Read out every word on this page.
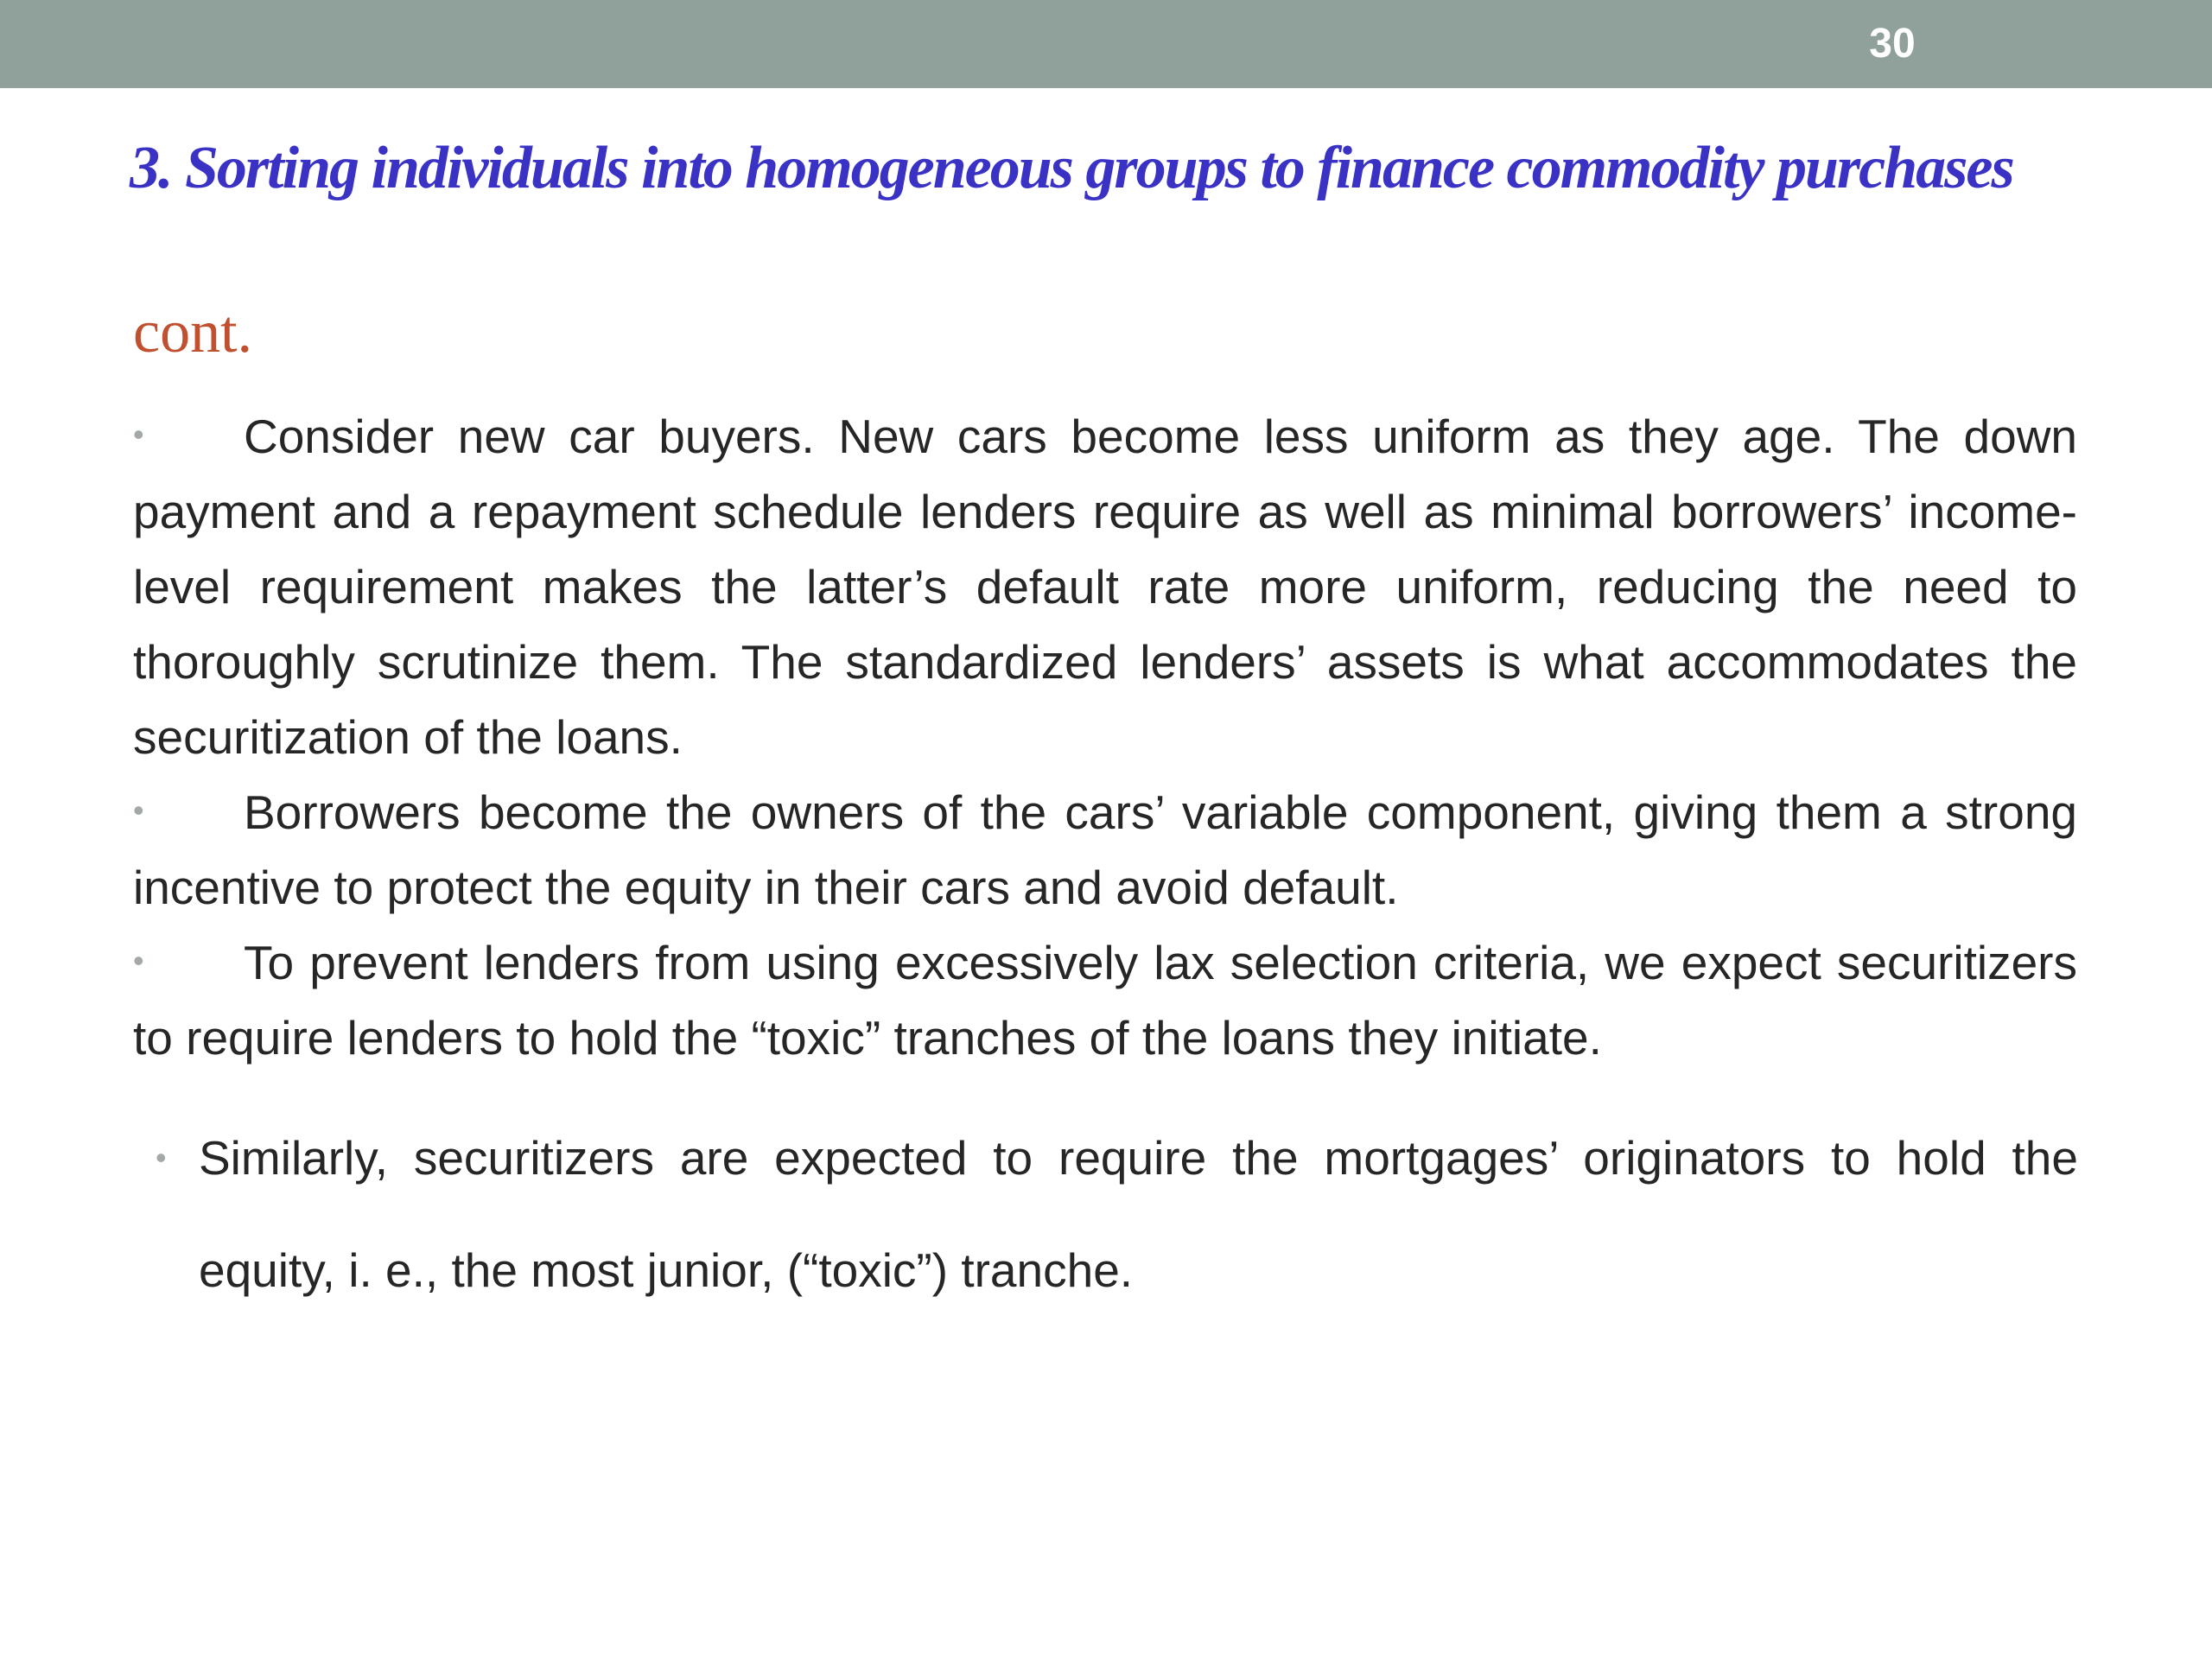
30
3. Sorting individuals into homogeneous groups to finance commodity purchases
cont.

• Consider new car buyers. New cars become less uniform as they age. The down payment and a repayment schedule lenders require as well as minimal borrowers’ income-level requirement makes the latter’s default rate more uniform, reducing the need to thoroughly scrutinize them. The standardized lenders’ assets is what accommodates the securitization of the loans.

• Borrowers become the owners of the cars’ variable component, giving them a strong incentive to protect the equity in their cars and avoid default.

• To prevent lenders from using excessively lax selection criteria, we expect securitizers to require lenders to hold the “toxic” tranches of the loans they initiate.

• Similarly, securitizers are expected to require the mortgages’ originators to hold the equity, i. e., the most junior, (“toxic”) tranche.
